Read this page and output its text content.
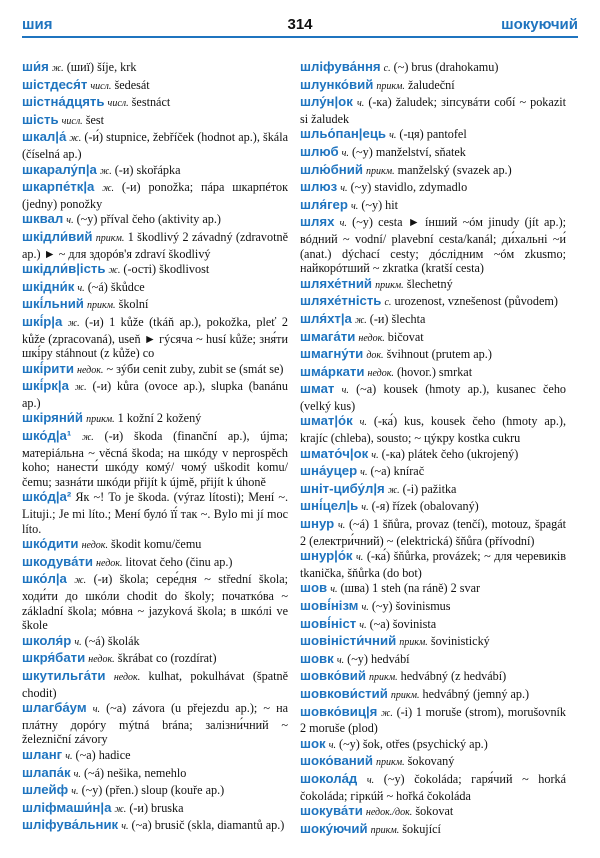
шия	314	шокуючий
ши́я ж. (шиї) šíje, krk
шістдеся́т числ. šedesát
шістна́дцять числ. šestnáct
шість числ. šest
шкал|а́ ж. (-и́) stupnice, žebříček (hodnot ap.), škála (číselná ap.)
шкаралу́п|а ж. (-и) skořápka
шкарпе́тк|а ж. (-и) ponožka; пáра шкарпéток (jedny) ponožky
шквал ч. (~у) příval čeho (aktivity ap.)
шкідли́вий прикм. 1 škodlivý 2 závadný (zdravotně ap.) ► ~ для здорóв'я zdraví škodlivý
шкідли́в|ість ж. (-ості) škodlivost
шкідни́к ч. (~á) škůdce
шкі́льний прикм. školní
шкі́р|а ж. (-и) 1 kůže (tkáň ap.), pokožka, pleť 2 kůže (zpracovaná), useň ► гýсяча ~ husí kůže; зня́ти шкі́ру stáhnout (z kůže) co
шкі́рити недок. ~ зýби cenit zuby, zubit se (smát se)
шкі́рк|а ж. (-и) kůra (ovoce ap.), slupka (banánu ap.)
шкіряни́й прикм. 1 kožní 2 kožený
шко́д|а¹ ж. (-и) škoda (finanční ap.), újma; матеріáльна ~ věcná škoda; на шкóду v neprospěch koho; нанести́ шкóду комý/ чомý uškodit komu/čemu; зазнáти шкóди přijít k újmě, přijít k úhoně
шко́д|а² Як ~! To je škoda. (výraz lítosti); Менí ~. Lituji.; Je mi líto.; Менí булó її́ так ~. Bylo mi jí moc líto.
шко́дити недок. škodit komu/čemu
шкодува́ти недок. litovat čeho (činu ap.)
шко́л|а ж. (-и) škola; сере́дня ~ střední škola; ходи́ти до шкóли chodit do školy; початкóва ~ základní škola; мóвна ~ jazyková škola; в шкóлі ve škole
школя́р ч. (~á) školák
шкря́бати недок. škrábat co (rozdírat)
шкутильга́ти недок. kulhat, pokulhávat (špatně chodit)
шлагба́ум ч. (~а) závora (u přejezdu ap.); ~ на плáтну дорóгу mýtná brána; залізни́чний ~ železniční závory
шланг ч. (~а) hadice
шлапа́к ч. (~á) nešika, nemehlo
шлейф ч. (~у) (přen.) sloup (kouře ap.)
шліфмаши́н|а ж. (-и) bruska
шліфува́льник ч. (~а) brusič (skla, diamantů ap.)
шліфува́ння с. (~) brus (drahokamu)
шлунко́вий прикм. žaludeční
шлу́н|ок ч. (-ка) žaludek; зіпсувáти собí ~ pokazit si žaludek
шльо́пан|ець ч. (-ця) pantofel
шлюб ч. (~у) manželství, sňatek
шлю́бний прикм. manželský (svazek ap.)
шлюз ч. (~у) stavidlo, zdymadlo
шля́гер ч. (~у) hit
шлях ч. (~у) cesta ► íнший ~óм jinudy (jít ap.); вóдний ~ vodní/ plavební cesta/kanál; ди́хальні ~и́ (anat.) dýchací cesty; дóслідним ~óм zkusmo; найкорóтший ~ zkratka (kratší cesta)
шляхе́тний прикм. šlechetný
шляхе́тність с. urozenost, vznešenost (původem)
шля́хт|а ж. (-и) šlechta
шмага́ти недок. bičovat
шмагну́ти док. švihnout (prutem ap.)
шма́ркати недок. (hovor.) smrkat
шмат ч. (~а) kousek (hmoty ap.), kusanec čeho (velký kus)
шмат|о́к ч. (-ка́) kus, kousek čeho (hmoty ap.), krajíc (chleba), sousto; ~ цýкру kostka cukru
шмато́ч|ок ч. (-ка) plátek čeho (ukrojený)
шна́уцер ч. (~а) knírač
шніт-цибу́л|я ж. (-і) pažitka
шні́цел|ь ч. (-я) řízek (obalovaný)
шнур ч. (~á) 1 šňůra, provaz (tenčí), motouz, špagát 2 (електри́чний) ~ (elektrická) šňůra (přívodní)
шнур|о́к ч. (-ка́) šňůrka, provázek; ~ для черевиків tkanička, šňůrka (do bot)
шов ч. (шва) 1 steh (na ráně) 2 svar
шові́нізм ч. (~у) šovinismus
шові́ніст ч. (~а) šovinista
шовіністи́чний прикм. šovinistický
шовк ч. (~у) hedvábí
шовко́вий прикм. hedvábný (z hedvábí)
шовкови́стий прикм. hedvábný (jemný ap.)
шовко́виц|я ж. (-і) 1 moruše (strom), morušovník 2 moruše (plod)
шок ч. (~у) šok, otřes (psychický ap.)
шоко́ваний прикм. šokovaný
шокола́д ч. (~у) čokoláda; гаря́чий ~ horká čokoláda; гіркúй ~ hořká čokoláda
шокува́ти недок./док. šokovat
шоку́ючий прикм. šokující
